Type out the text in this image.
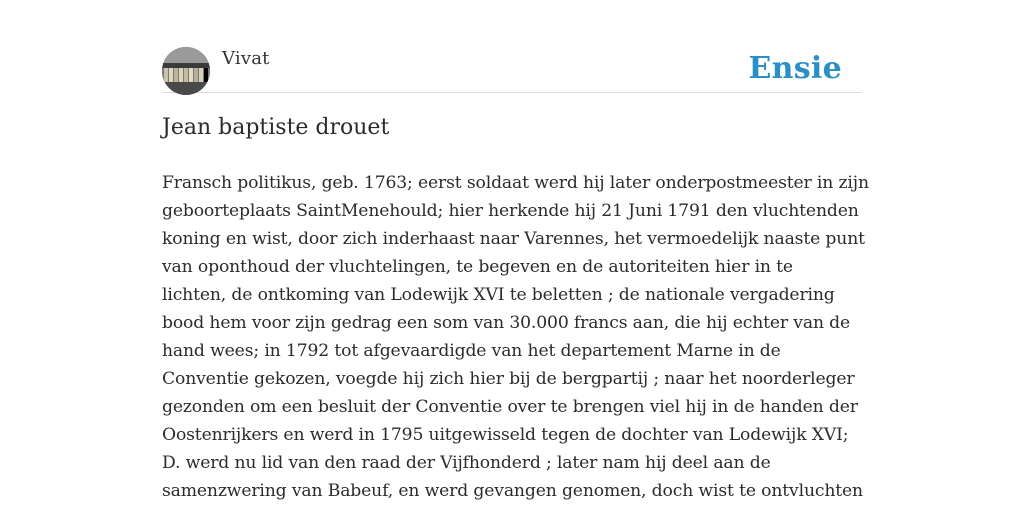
Vivat	Ensie
Jean baptiste drouet
Fransch politikus, geb. 1763; eerst soldaat werd hij later onderpostmeester in zijn
geboorteplaats SaintMenehould; hier herkende hij 21 Juni 1791 den vluchtenden
koning en wist, door zich inderhaast naar Varennes, het vermoedelijk naaste punt
van oponthoud der vluchtelingen, te begeven en de autoriteiten hier in te
lichten, de ontkoming van Lodewijk XVI te beletten ; de nationale vergadering
bood hem voor zijn gedrag een som van 30.000 francs aan, die hij echter van de
hand wees; in 1792 tot afgevaardigde van het departement Marne in de
Conventie gekozen, voegde hij zich hier bij de bergpartij ; naar het noorderleger
gezonden om een besluit der Conventie over te brengen viel hij in de handen der
Oostenrijkers en werd in 1795 uitgewisseld tegen de dochter van Lodewijk XVI;
D. werd nu lid van den raad der Vijfhonderd ; later nam hij deel aan de
samenzwering van Babeuf, en werd gevangen genomen, doch wist te ontvluchten
